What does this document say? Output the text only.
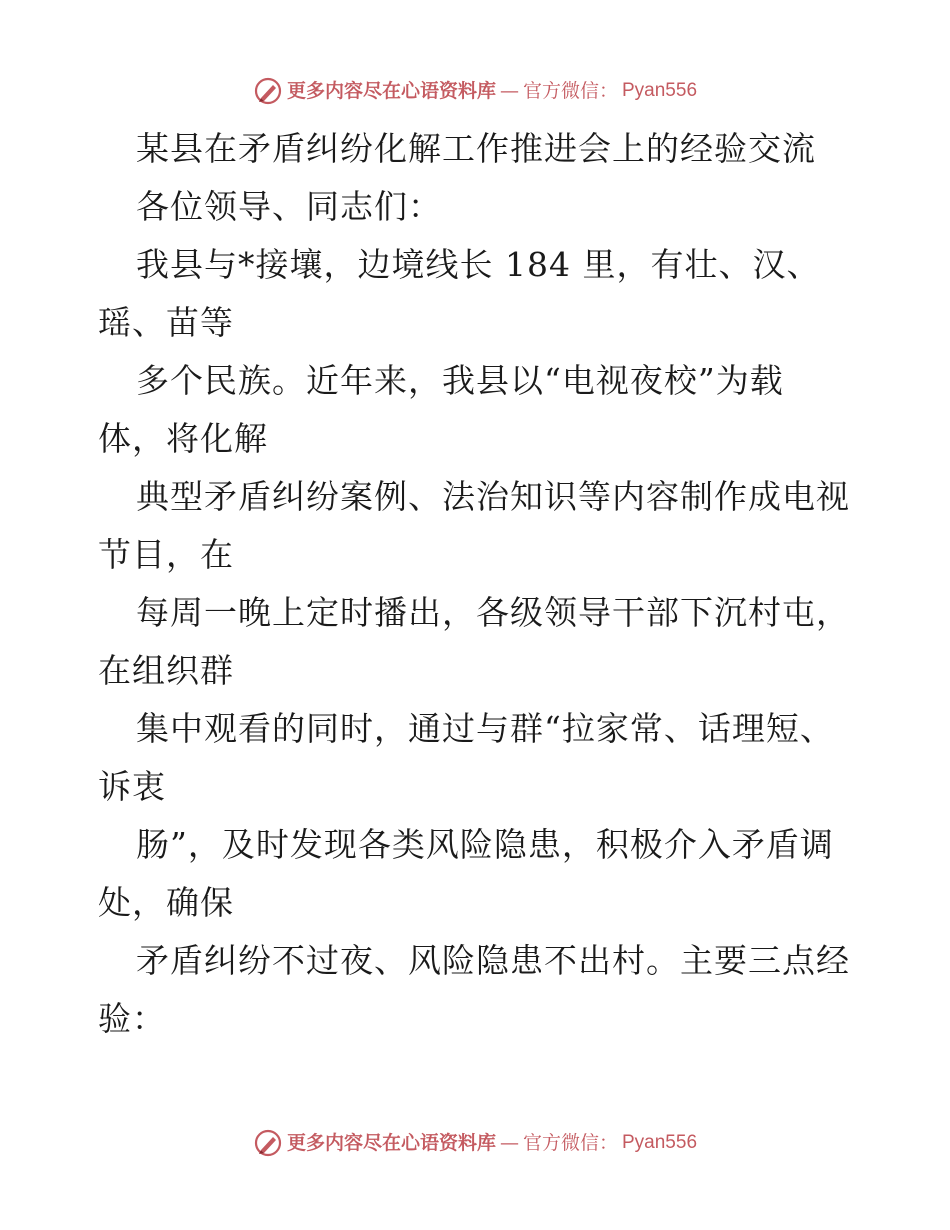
更多内容尽在心语资料库 — 官方微信： Pyan556

某县在矛盾纠纷化解工作推进会上的经验交流

各位领导、同志们：

我县与*接壤，边境线长 184 里，有壮、汉、

瑶、苗等

多个民族。近年来，我县以“电视夜校”为载

体，将化解

典型矛盾纠纷案例、法治知识等内容制作成电视

节目，在

每周一晚上定时播出，各级领导干部下沉村屯，

在组织群

集中观看的同时，通过与群“拉家常、话理短、

诉衷

肠”，及时发现各类风险隐患，积极介入矛盾调

处，确保

矛盾纠纷不过夜、风险隐患不出村。主要三点经

验：

更多内容尽在心语资料库 — 官方微信： Pyan556
